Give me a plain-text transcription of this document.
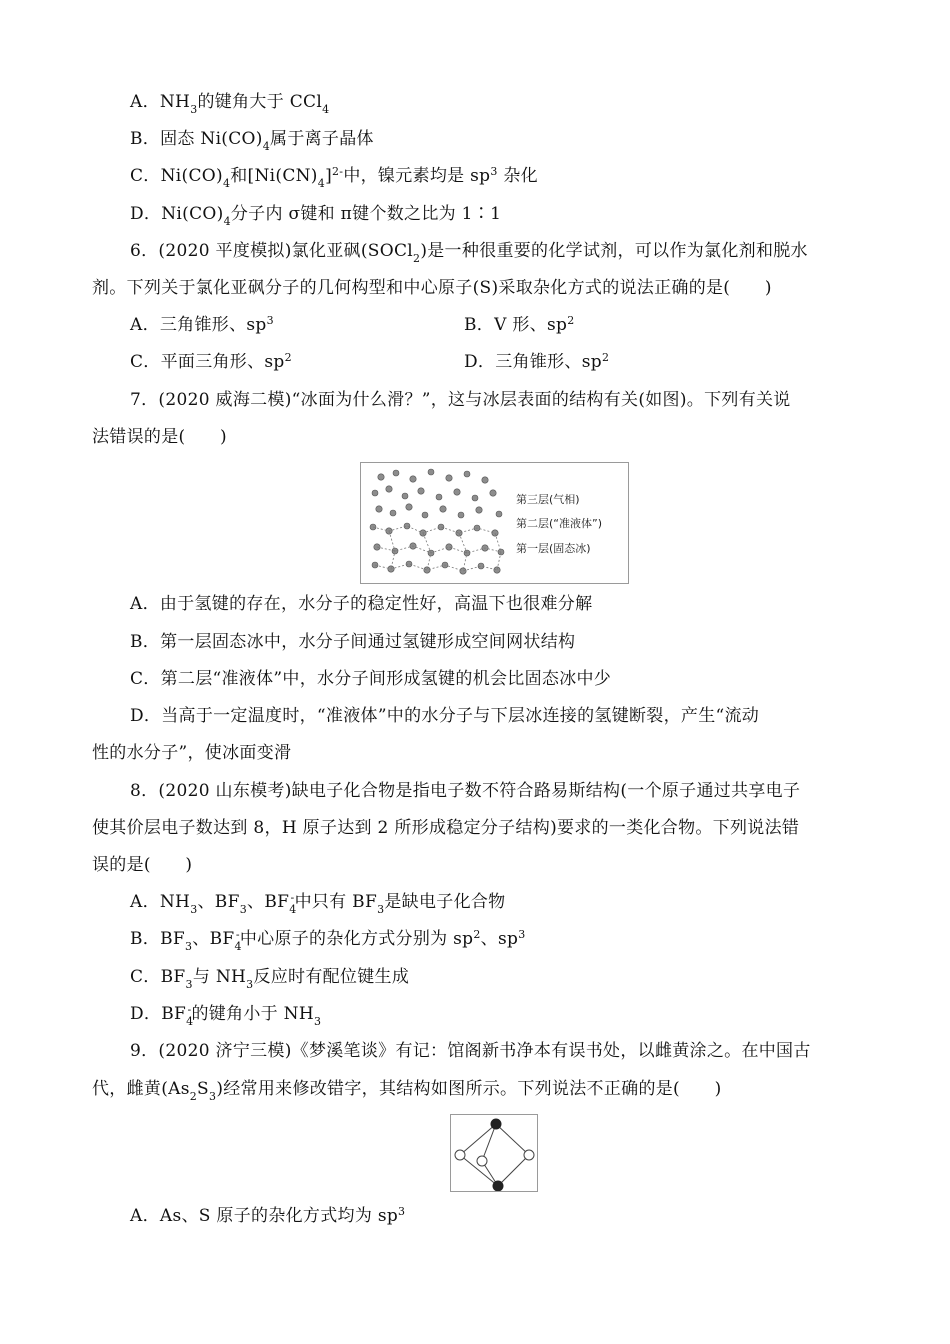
A．$NH_3$的键角大于 CCl$_4$
B．固态 $Ni(CO)_4$属于离子晶体
C．$Ni(CO)_4$和$[Ni(CN)_4]^{2-}$中，镍元素均是 $sp^3$ 杂化
D．$Ni(CO)_4$分子内 σ键和 π键个数之比为 1∶1
6．(2020 平度模拟)氯化亚砜(SOCl$_2$)是一种很重要的化学试剂，可以作为氯化剂和脱水
剂。下列关于氯化亚砜分子的几何构型和中心原子(S)采取杂化方式的说法正确的是(　　)
A．三角锥形、$sp^3$	B．V 形、$sp^2$
C．平面三角形、$sp^2$	D．三角锥形、$sp^2$
7．(2020 威海二模)“冰面为什么滑？”，这与冰层表面的结构有关(如图)。下列有关说
法错误的是(　　)
第三层(气相)
第二层(“准液体”)
第一层(固态冰)
A．由于氢键的存在，水分子的稳定性好，高温下也很难分解
B．第一层固态冰中，水分子间通过氢键形成空间网状结构
C．第二层“准液体”中，水分子间形成氢键的机会比固态冰中少
D．当高于一定温度时，“准液体”中的水分子与下层冰连接的氢键断裂，产生“流动
性的水分子”，使冰面变滑
8．(2020 山东模考)缺电子化合物是指电子数不符合路易斯结构(一个原子通过共享电子
使其价层电子数达到 8，H 原子达到 2 所形成稳定分子结构)要求的一类化合物。下列说法错
误的是(　　)
A．$NH_3$、$BF_3$、$BF_4^-$中只有 $BF_3$是缺电子化合物
B．$BF_3$、$BF_4^-$中心原子的杂化方式分别为 $sp^2$、$sp^3$
C．$BF_3$与 $NH_3$反应时有配位键生成
D．$BF_4^-$的键角小于 $NH_3$
9．(2020 济宁三模)《梦溪笔谈》有记：馆阁新书净本有误书处，以雌黄涂之。在中国古
代，雌黄$(As_2S_3)$经常用来修改错字，其结构如图所示。下列说法不正确的是(　　)
A．As、S 原子的杂化方式均为 $sp^3$
